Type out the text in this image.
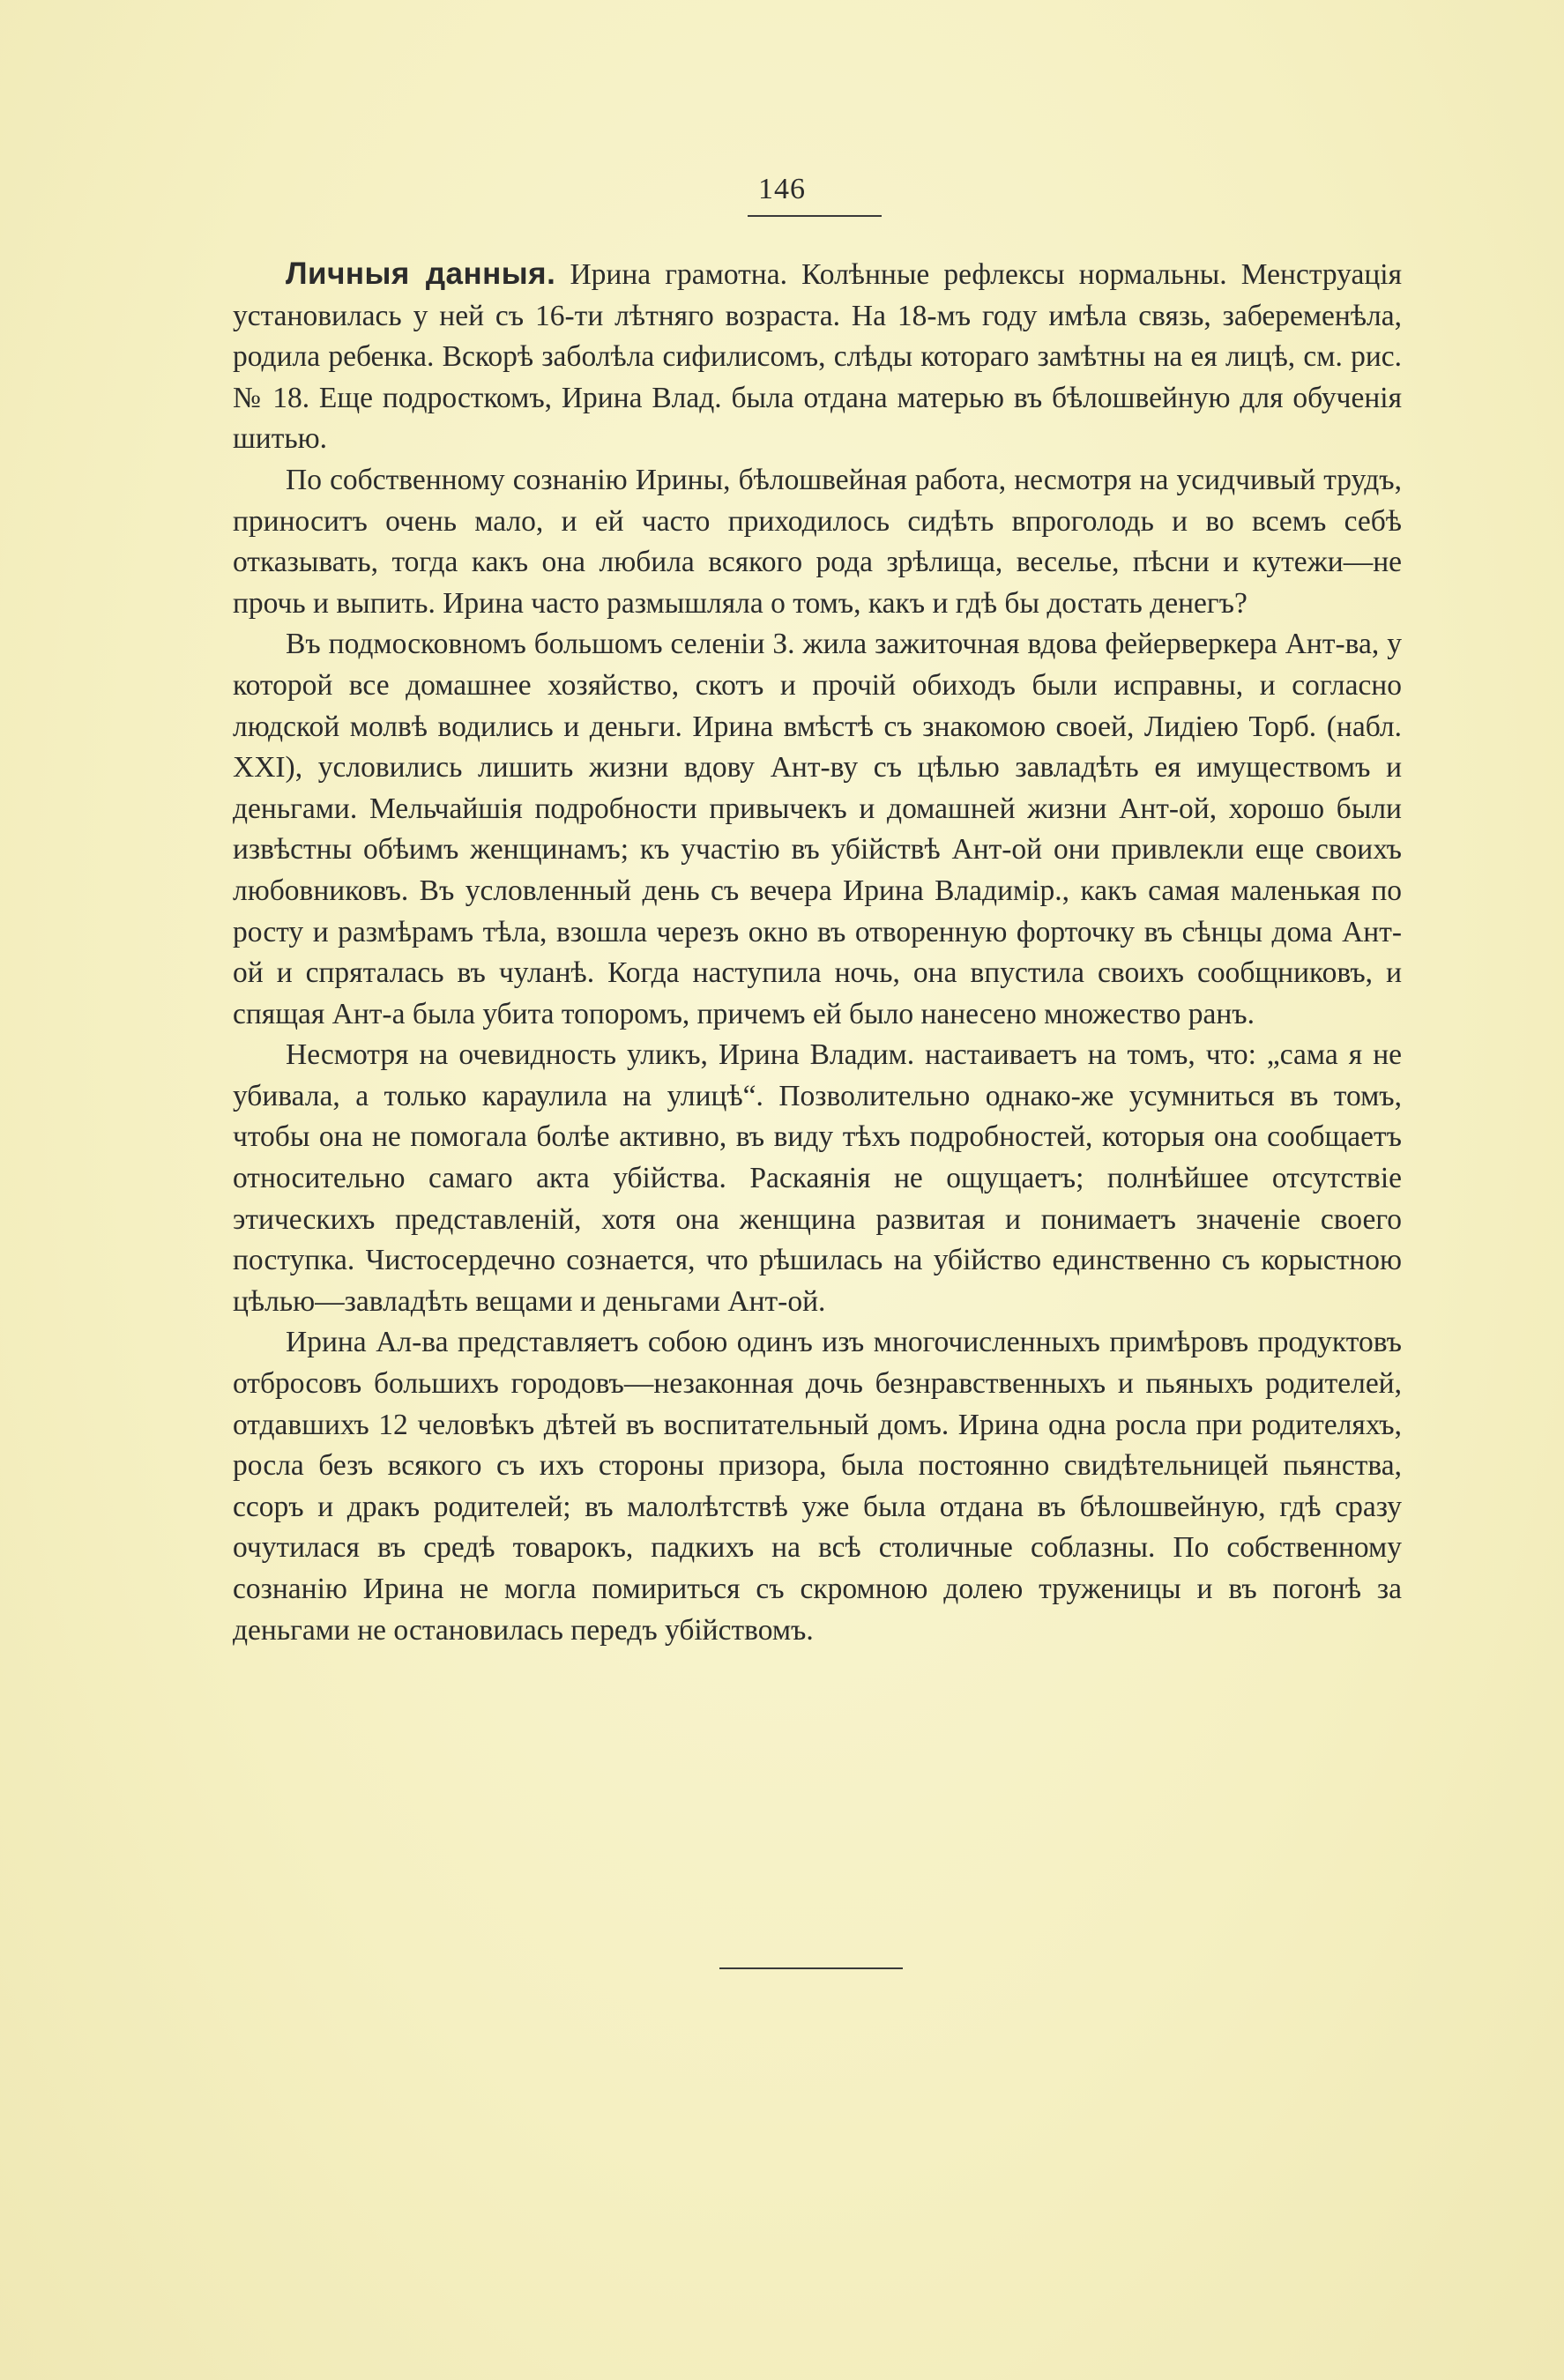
146

Личныя данныя. Ирина грамотна. Колѣнные рефлексы нормальны. Менструацiя установилась у ней съ 16-ти лѣтняго возраста. На 18-мъ году имѣла связь, забеременѣла, родила ребенка. Вскорѣ заболѣла сифилисомъ, слѣды котораго замѣтны на ея лицѣ, см. рис. № 18. Еще подросткомъ, Ирина Влад. была отдана матерью въ бѣлошвейную для обученiя шитью.

По собственному сознанiю Ирины, бѣлошвейная работа, несмотря на усидчивый трудъ, приноситъ очень мало, и ей часто приходилось сидѣть впроголодь и во всемъ себѣ отказывать, тогда какъ она любила всякого рода зрѣлища, веселье, пѣсни и кутежи—не прочь и выпить. Ирина часто размышляла о томъ, какъ и гдѣ бы достать денегъ?

Въ подмосковномъ большомъ селенiи З. жила зажиточная вдова фейерверкера Ант-ва, у которой все домашнее хозяйство, скотъ и прочiй обиходъ были исправны, и согласно людской молвѣ водились и деньги. Ирина вмѣстѣ съ знакомою своей, Лидiею Торб. (набл. XXI), условились лишить жизни вдову Ант-ву съ цѣлью завладѣть ея имуществомъ и деньгами. Мельчайшiя подробности привычекъ и домашней жизни Ант-ой, хорошо были извѣстны обѣимъ женщинамъ; къ участiю въ убiйствѣ Ант-ой они привлекли еще своихъ любовниковъ. Въ условленный день съ вечера Ирина Владимiр., какъ самая маленькая по росту и размѣрамъ тѣла, взошла черезъ окно въ отворенную форточку въ сѣнцы дома Ант-ой и спряталась въ чуланѣ. Когда наступила ночь, она впустила своихъ сообщниковъ, и спящая Ант-а была убита топоромъ, причемъ ей было нанесено множество ранъ.

Несмотря на очевидность уликъ, Ирина Владим. настаиваетъ на томъ, что: „сама я не убивала, а только караулила на улицѣ“. Позволительно однако-же усумниться въ томъ, чтобы она не помогала болѣе активно, въ виду тѣхъ подробностей, которыя она сообщаетъ относительно самаго акта убiйства. Раскаянiя не ощущаетъ; полнѣйшее отсутствiе этическихъ представленiй, хотя она женщина развитая и понимаетъ значенiе своего поступка. Чистосердечно сознается, что рѣшилась на убiйство единственно съ корыстною цѣлью—завладѣть вещами и деньгами Ант-ой.

Ирина Ал-ва представляетъ собою одинъ изъ многочисленныхъ примѣровъ продуктовъ отбросовъ большихъ городовъ—незаконная дочь безнравственныхъ и пьяныхъ родителей, отдавшихъ 12 человѣкъ дѣтей въ воспитательный домъ. Ирина одна росла при родителяхъ, росла безъ всякого съ ихъ стороны призора, была постоянно свидѣтельницей пьянства, ссоръ и дракъ родителей; въ малолѣтствѣ уже была отдана въ бѣлошвейную, гдѣ сразу очутилася въ средѣ товарокъ, падкихъ на всѣ столичные соблазны. По собственному сознанiю Ирина не могла помириться съ скромною долею труженицы и въ погонѣ за деньгами не остановилась передъ убiйствомъ.
